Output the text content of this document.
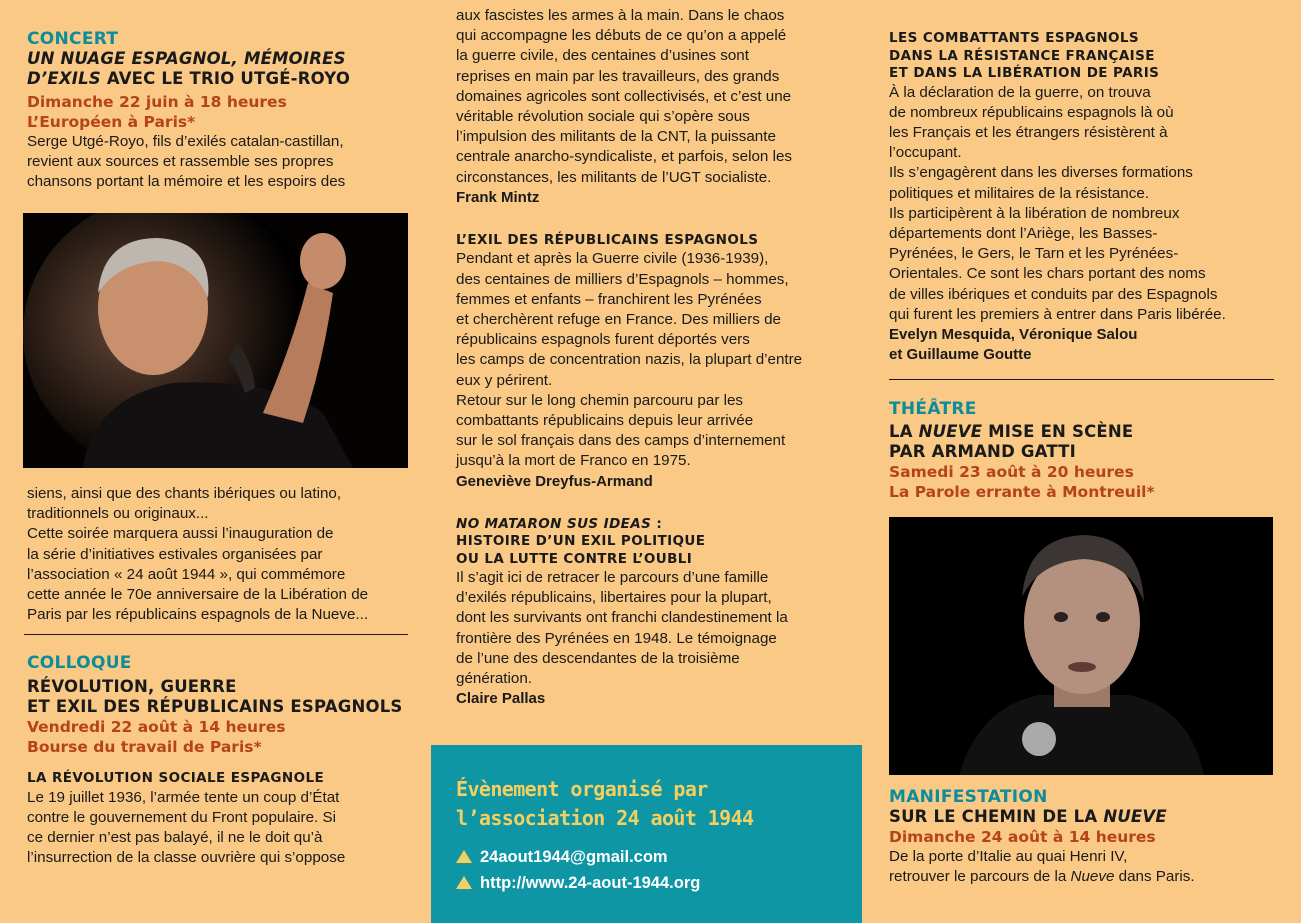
CONCERT

UN NUAGE ESPAGNOL, MÉMOIRES
D’EXILS AVEC LE TRIO UTGÉ-ROYO

Dimanche 22 juin à 18 heures

L’Européen à Paris*

Serge Utgé-Royo, fils d’exilés catalan-castillan,

revient aux sources et rassemble ses propres

chansons portant la mémoire et les espoirs des

siens, ainsi que des chants ibériques ou latino,

traditionnels ou originaux...

Cette soirée marquera aussi l’inauguration de

la série d’initiatives estivales organisées par

l’association « 24 août 1944 », qui commémore

cette année le 70e anniversaire de la Libération de

Paris par les républicains espagnols de la Nueve...

COLLOQUE

RÉVOLUTION, GUERRE

ET EXIL DES RÉPUBLICAINS ESPAGNOLS

Vendredi 22 août à 14 heures

Bourse du travail de Paris*

LA RÉVOLUTION SOCIALE ESPAGNOLE

Le 19 juillet 1936, l’armée tente un coup d’État

contre le gouvernement du Front populaire. Si

ce dernier n’est pas balayé, il ne le doit qu’à

l’insurrection de la classe ouvrière qui s’oppose

aux fascistes les armes à la main. Dans le chaos

qui accompagne les débuts de ce qu’on a appelé

la guerre civile, des centaines d’usines sont

reprises en main par les travailleurs, des grands

domaines agricoles sont collectivisés, et c’est une

véritable révolution sociale qui s’opère sous

l’impulsion des militants de la CNT, la puissante

centrale anarcho-syndicaliste, et parfois, selon les

circonstances, les militants de l’UGT socialiste.

Frank Mintz

L’EXIL DES RÉPUBLICAINS ESPAGNOLS

Pendant et après la Guerre civile (1936-1939),

des centaines de milliers d’Espagnols – hommes,

femmes et enfants – franchirent les Pyrénées

et cherchèrent refuge en France. Des milliers de

républicains espagnols furent déportés vers

les camps de concentration nazis, la plupart d’entre

eux y périrent.

Retour sur le long chemin parcouru par les

combattants républicains depuis leur arrivée

sur le sol français dans des camps d’internement

jusqu’à la mort de Franco en 1975.

Geneviève Dreyfus-Armand

NO MATARON SUS IDEAS :

HISTOIRE D’UN EXIL POLITIQUE

OU LA LUTTE CONTRE L’OUBLI

Il s’agit ici de retracer le parcours d’une famille

d’exilés républicains, libertaires pour la plupart,

dont les survivants ont franchi clandestinement la

frontière des Pyrénées en 1948. Le témoignage

de l’une des descendantes de la troisième

génération.

Claire Pallas

Évènement organisé par
l’association 24 août 1944
24aout1944@gmail.com
http://www.24-aout-1944.org

LES COMBATTANTS ESPAGNOLS

DANS LA RÉSISTANCE FRANÇAISE

ET DANS LA LIBÉRATION DE PARIS

À la déclaration de la guerre, on trouva

de nombreux républicains espagnols là où

les Français et les étrangers résistèrent à

l’occupant.

Ils s’engagèrent dans les diverses formations

politiques et militaires de la résistance.

Ils participèrent à la libération de nombreux

départements dont l’Ariège, les Basses-

Pyrénées, le Gers, le Tarn et les Pyrénées-

Orientales. Ce sont les chars portant des noms

de villes ibériques et conduits par des Espagnols

qui furent les premiers à entrer dans Paris libérée.

Evelyn Mesquida, Véronique Salou

et Guillaume Goutte

THÉÂTRE

LA NUEVE MISE EN SCÈNE

PAR ARMAND GATTI

Samedi 23 août à 20 heures

La Parole errante à Montreuil*

MANIFESTATION

SUR LE CHEMIN DE LA NUEVE

Dimanche 24 août à 14 heures

De la porte d’Italie au quai Henri IV,

retrouver le parcours de la Nueve dans Paris.
